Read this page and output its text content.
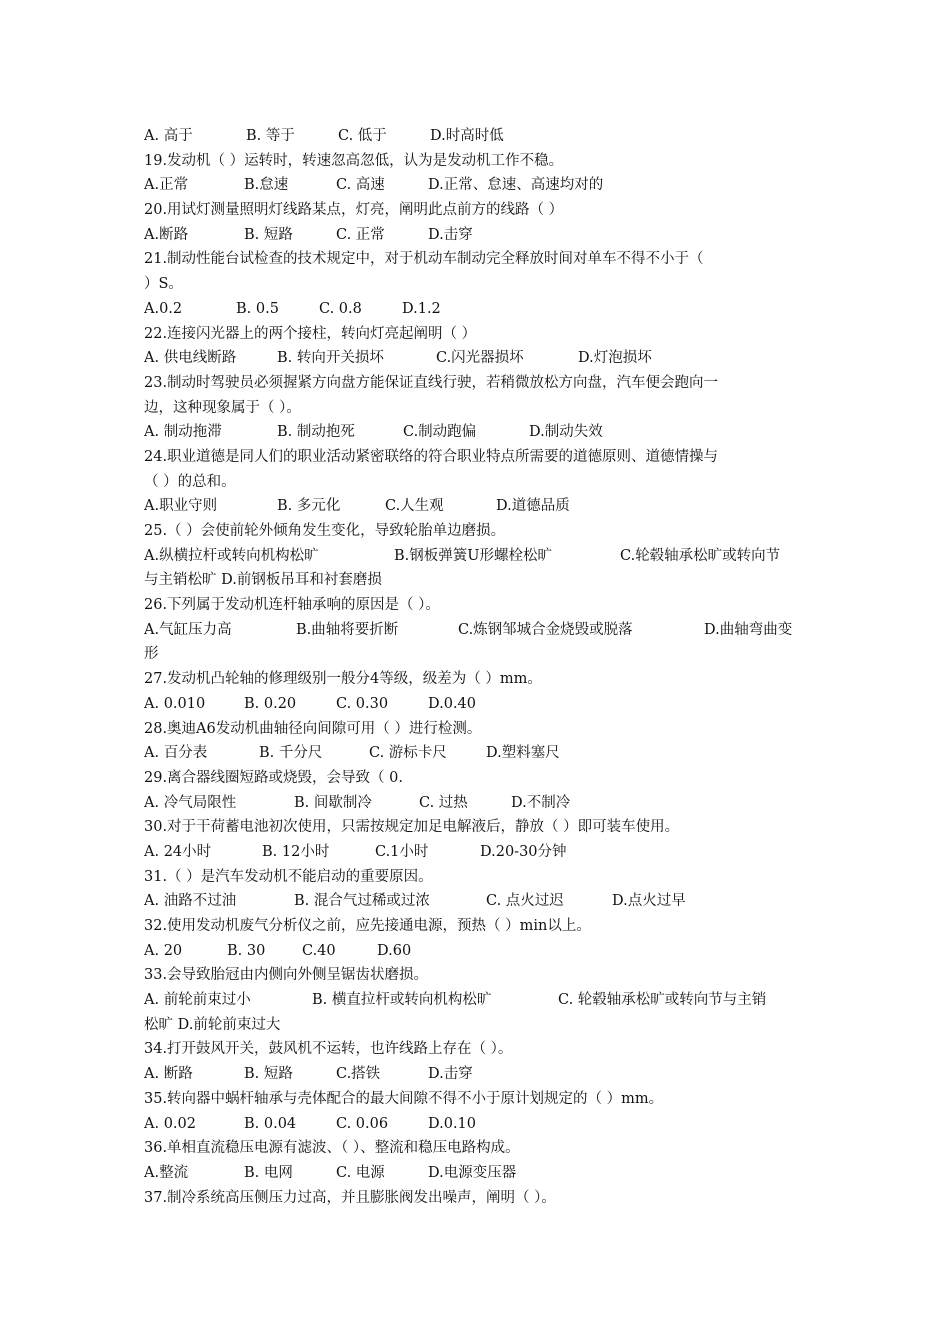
A. 高于	B. 等于	C. 低于	D.时高时低
19.发动机（ ）运转时，转速忽高忽低，认为是发动机工作不稳。
A.正常	B.怠速	C. 高速	D.正常、怠速、高速均对的
20.用试灯测量照明灯线路某点，灯亮，阐明此点前方的线路（ ）
A.断路	B. 短路	C. 正常	D.击穿
21.制动性能台试检查的技术规定中，对于机动车制动完全释放时间对单车不得不小于（
）S。
A.0.2	B. 0.5	C. 0.8	D.1.2
22.连接闪光器上的两个接柱，转向灯亮起阐明（ ）
A. 供电线断路	B. 转向开关损坏	C.闪光器损坏	D.灯泡损坏
23.制动时驾驶员必须握紧方向盘方能保证直线行驶，若稍微放松方向盘，汽车便会跑向一
边，这种现象属于（ ）。
A. 制动拖滞	B. 制动抱死	C.制动跑偏	D.制动失效
24.职业道德是同人们的职业活动紧密联络的符合职业特点所需要的道德原则、道德情操与
（ ）的总和。
A.职业守则	B. 多元化	C.人生观	D.道德品质
25.（ ）会使前轮外倾角发生变化，导致轮胎单边磨损。
A.纵横拉杆或转向机构松旷	B.钢板弹簧U形螺栓松旷	C.轮毂轴承松旷或转向节
与主销松旷 D.前钢板吊耳和衬套磨损
26.下列属于发动机连杆轴承响的原因是（ ）。
A.气缸压力高	B.曲轴将要折断	C.炼钢邹城合金烧毁或脱落	D.曲轴弯曲变
形
27.发动机凸轮轴的修理级别一般分4等级，级差为（ ）mm。
A. 0.010	B. 0.20	C. 0.30	D.0.40
28.奥迪A6发动机曲轴径向间隙可用（ ）进行检测。
A. 百分表	B. 千分尺	C. 游标卡尺	D.塑料塞尺
29.离合器线圈短路或烧毁，会导致（ 0.
A. 冷气局限性	B. 间歇制冷	C. 过热	D.不制冷
30.对于干荷蓄电池初次使用，只需按规定加足电解液后，静放（ ）即可装车使用。
A. 24小时	B. 12小时	C.1小时	D.20-30分钟
31.（ ）是汽车发动机不能启动的重要原因。
A. 油路不过油	B. 混合气过稀或过浓	C. 点火过迟	D.点火过早
32.使用发动机废气分析仪之前，应先接通电源，预热（ ）min以上。
A. 20	B. 30	C.40	D.60
33.会导致胎冠由内侧向外侧呈锯齿状磨损。
A. 前轮前束过小	B. 横直拉杆或转向机构松旷	C. 轮毂轴承松旷或转向节与主销
松旷 D.前轮前束过大
34.打开鼓风开关，鼓风机不运转，也许线路上存在（ ）。
A. 断路	B. 短路	C.搭铁	D.击穿
35.转向器中蜗杆轴承与壳体配合的最大间隙不得不小于原计划规定的（ ）mm。
A. 0.02	B. 0.04	C. 0.06	D.0.10
36.单相直流稳压电源有滤波、（ ）、整流和稳压电路构成。
A.整流	B. 电网	C. 电源	D.电源变压器
37.制冷系统高压侧压力过高，并且膨胀阀发出噪声，阐明（ ）。
